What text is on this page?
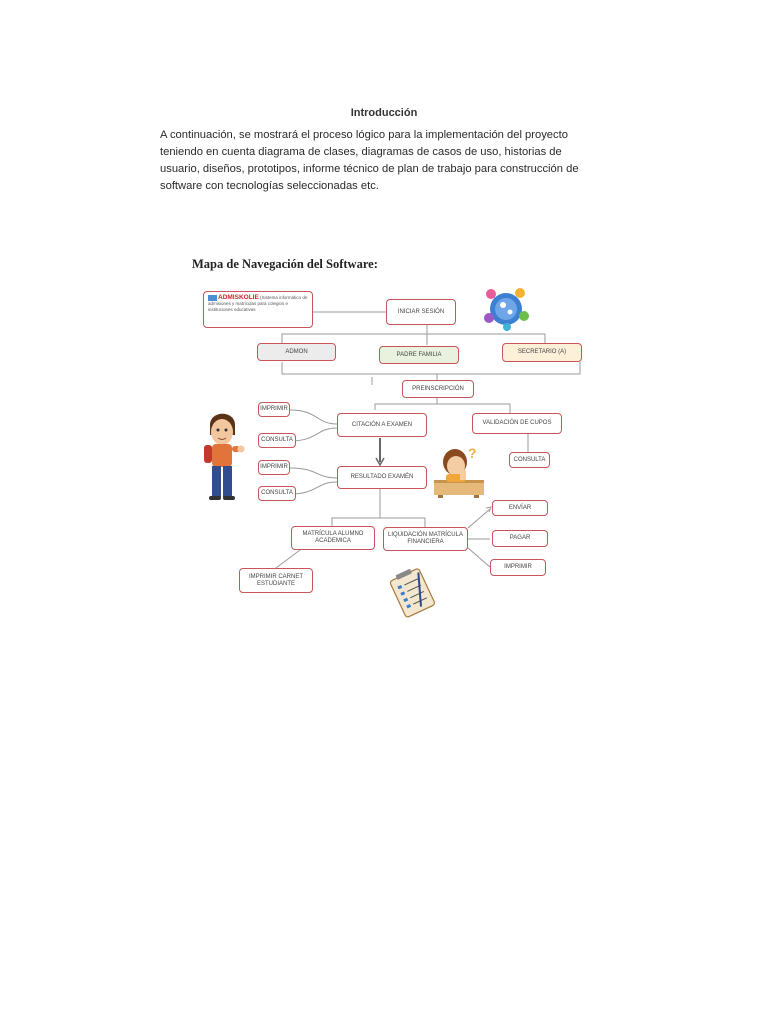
Introducción
A continuación, se mostrará el proceso lógico para la implementación del proyecto teniendo en cuenta diagrama de clases, diagramas de casos de uso, historias de usuario, diseños, prototipos, informe técnico de plan de trabajo para construcción de software con tecnologías seleccionadas etc.
Mapa de Navegación del Software:
?
ADMISKOLIE (Sistema informático de admisiones y matrículas para colegios e instituciones educativas	INICIAR SESIÓN
ADMON	PADRE FAMILIA	SECRETARIO (A)
PREINSCRIPCIÓN
IMPRIMIR
CONSULTA
CITACIÓN A EXAMEN	VALIDACIÓN DE CUPOS
CONSULTA
IMPRIMIR
CONSULTA
RESULTADO EXAMÉN
MATRÍCULA ALUMNO ACADEMICA
LIQUIDACIÓN MATRÍCULA FINANCIERA
ENVÍAR
PAGAR
IMPRIMIR
IMPRIMIR CARNET ESTUDIANTE
